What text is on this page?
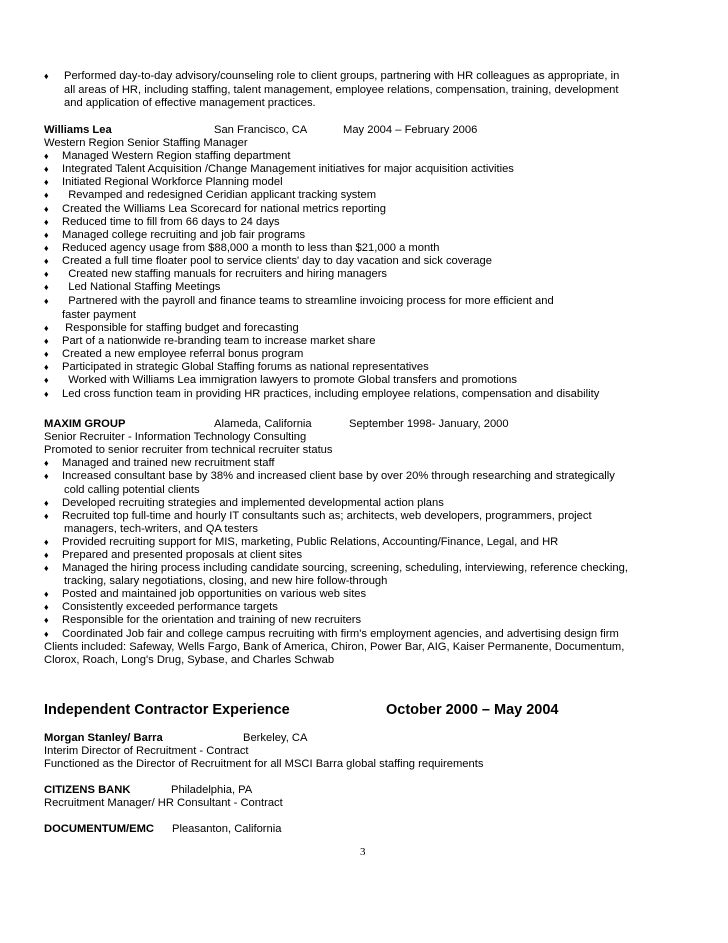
♦ Performed day-to-day advisory/counseling role to client groups, partnering with HR colleagues as appropriate, in
all areas of HR, including staffing, talent management, employee relations, compensation, training, development
and application of effective management practices.
Williams Lea	San Francisco, CA	May 2004 – February 2006
Western Region Senior Staffing Manager
♦ Managed Western Region staffing department
♦ Integrated Talent Acquisition /Change Management initiatives for major acquisition activities
♦ Initiated Regional Workforce Planning model
♦ Revamped and redesigned Ceridian applicant tracking system
♦ Created the Williams Lea Scorecard for national metrics reporting
♦ Reduced time to fill from 66 days to 24 days
♦ Managed college recruiting and job fair programs
♦ Reduced agency usage from $88,000 a month to less than $21,000 a month
♦ Created a full time floater pool to service clients' day to day vacation and sick coverage
♦ Created new staffing manuals for recruiters and hiring managers
♦ Led National Staffing Meetings
♦ Partnered with the payroll and finance teams to streamline invoicing process for more efficient and
♦ Responsible for staffing budget and forecasting
♦ Part of a nationwide re-branding team to increase market share
♦ Created a new employee referral bonus program
♦ Participated in strategic Global Staffing forums as national representatives
♦ Worked with Williams Lea immigration lawyers to promote Global transfers and promotions
♦ Led cross function team in providing HR practices, including employee relations, compensation and disability
faster payment
MAXIM GROUP	Alameda, California	September 1998- January, 2000
Senior Recruiter - Information Technology Consulting
Promoted to senior recruiter from technical recruiter status
♦ Managed and trained new recruitment staff
♦ Increased consultant base by 38% and increased client base by over 20% through researching and strategically
cold calling potential clients
♦ Developed recruiting strategies and implemented developmental action plans
♦ Recruited top full-time and hourly IT consultants such as; architects, web developers, programmers, project
managers, tech-writers, and QA testers
♦ Provided recruiting support for MIS, marketing, Public Relations, Accounting/Finance, Legal, and HR
♦ Prepared and presented proposals at client sites
♦ Managed the hiring process including candidate sourcing, screening, scheduling, interviewing, reference checking,
tracking, salary negotiations, closing, and new hire follow-through
♦ Posted and maintained job opportunities on various web sites
♦ Consistently exceeded performance targets
♦ Responsible for the orientation and training of new recruiters
♦ Coordinated Job fair and college campus recruiting with firm's employment agencies, and advertising design firm
Clients included: Safeway, Wells Fargo, Bank of America, Chiron, Power Bar, AIG, Kaiser Permanente, Documentum,
Clorox, Roach, Long's Drug, Sybase, and Charles Schwab
Independent Contractor Experience	October 2000 – May 2004
Morgan Stanley/ Barra	Berkeley, CA
Interim Director of Recruitment - Contract
Functioned as the Director of Recruitment for all MSCI Barra global staffing requirements
CITIZENS BANK	Philadelphia, PA
Recruitment Manager/ HR Consultant - Contract
DOCUMENTUM/EMC Pleasanton, California
3
